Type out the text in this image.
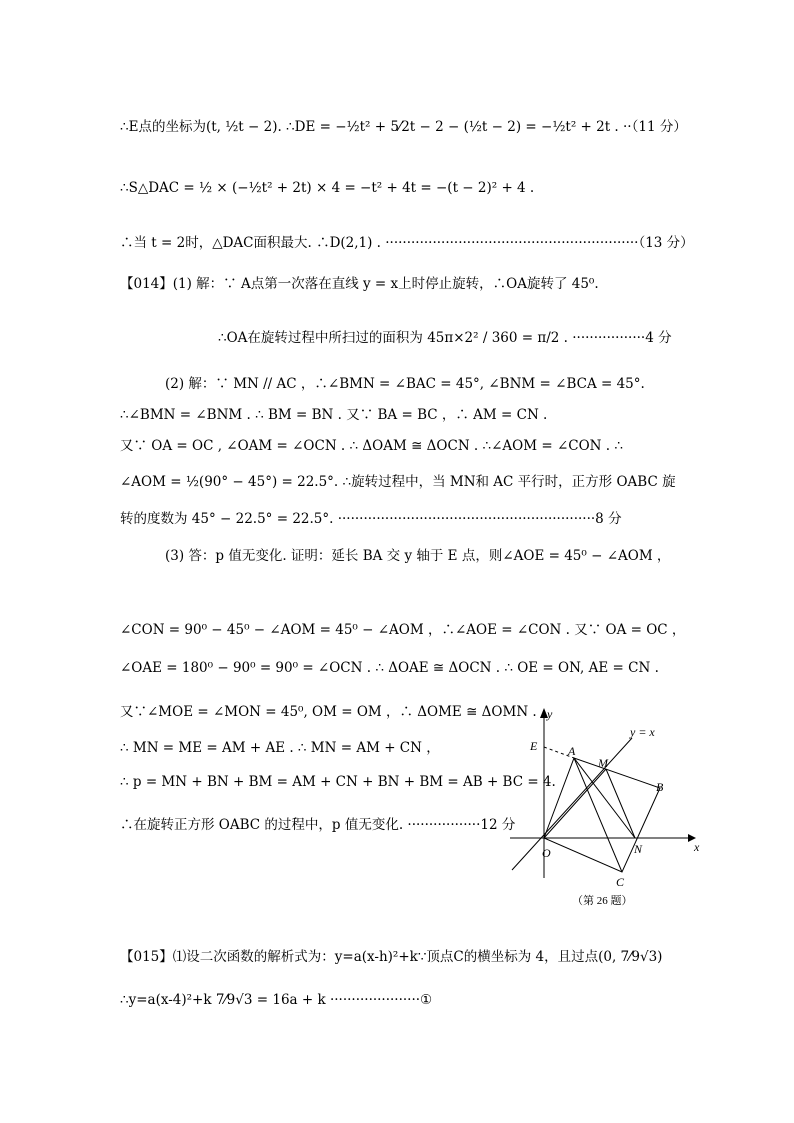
∴E点的坐标为(t, ½t − 2). ∴DE = −½t² + 5⁄2t − 2 − (½t − 2) = −½t² + 2t . ··（11 分）
∴S△DAC = ½ × (−½t² + 2t) × 4 = −t² + 4t = −(t − 2)² + 4 .
∴当 t = 2时，△DAC面积最大. ∴D(2,1) . ···························································（13 分）
【014】(1) 解：∵ A点第一次落在直线 y = x上时停止旋转，∴OA旋转了 45⁰.
∴OA在旋转过程中所扫过的面积为 45π×2² / 360 = π/2 . ·················4 分
(2) 解：∵ MN // AC ，∴∠BMN = ∠BAC = 45°, ∠BNM = ∠BCA = 45°.
∴∠BMN = ∠BNM . ∴ BM = BN . 又∵ BA = BC ，∴ AM = CN .
又∵ OA = OC , ∠OAM = ∠OCN . ∴ ΔOAM ≅ ΔOCN . ∴∠AOM = ∠CON . ∴
∠AOM = ½(90° − 45°) = 22.5°. ∴旋转过程中，当 MN和 AC 平行时，正方形 OABC 旋
转的度数为 45° − 22.5° = 22.5°. ····························································8 分
(3) 答：p 值无变化. 证明：延长 BA 交 y 轴于 E 点，则∠AOE = 45⁰ − ∠AOM ，
∠CON = 90⁰ − 45⁰ − ∠AOM = 45⁰ − ∠AOM ，∴∠AOE = ∠CON . 又∵ OA = OC ，
∠OAE = 180⁰ − 90⁰ = 90⁰ = ∠OCN . ∴ ΔOAE ≅ ΔOCN . ∴ OE = ON, AE = CN .
又∵∠MOE = ∠MON = 45⁰, OM = OM ，∴ ΔOME ≅ ΔOMN .
∴ MN = ME = AM + AE . ∴ MN = AM + CN ，
∴ p = MN + BN + BM = AM + CN + BN + BM = AB + BC = 4.
∴在旋转正方形 OABC 的过程中，p 值无变化. ·················12 分
【015】⑴设二次函数的解析式为：y=a(x-h)²+k∵顶点C的横坐标为 4，且过点(0, 7⁄9√3)
∴y=a(x-4)²+k 7⁄9√3 = 16a + k ·····················①
y
y = x
E	A
M
B
O	N
C
x
（第 26 题）
